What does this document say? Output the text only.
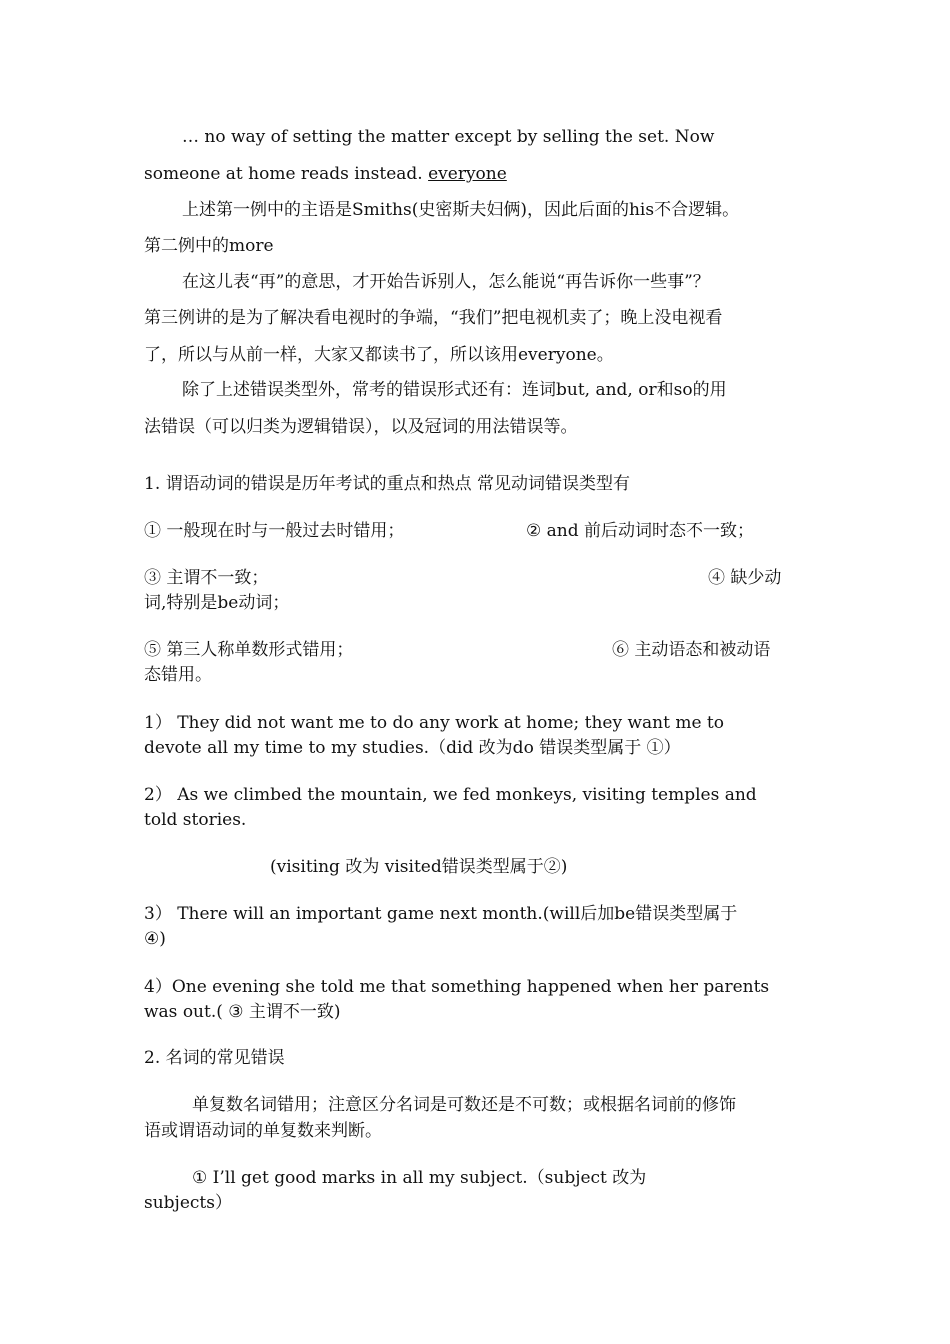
… no way of setting the matter except by selling the set. Now
someone at home reads instead. everyone
上述第一例中的主语是Smiths(史密斯夫妇俩)，因此后面的his不合逻辑。
第二例中的more
在这儿表“再”的意思，才开始告诉别人，怎么能说“再告诉你一些事”？
第三例讲的是为了解决看电视时的争端，“我们”把电视机卖了；晚上没电视看
了，所以与从前一样，大家又都读书了，所以该用everyone。
除了上述错误类型外，常考的错误形式还有：连词but, and, or和so的用
法错误（可以归类为逻辑错误），以及冠词的用法错误等。
1. 谓语动词的错误是历年考试的重点和热点 常见动词错误类型有
① 一般现在时与一般过去时错用；	② and 前后动词时态不一致；
③ 主谓不一致；	④ 缺少动
词,特别是be动词；
⑤ 第三人称单数形式错用；	⑥ 主动语态和被动语
态错用。
1） They did not want me to do any work at home; they want me to
devote all my time to my studies.（did 改为do 错误类型属于 ①）
2） As we climbed the mountain, we fed monkeys, visiting temples and
told stories.
(visiting 改为 visited错误类型属于②)
3） There will an important game next month.(will后加be错误类型属于
④)
4）One evening she told me that something happened when her parents
was out.( ③ 主谓不一致)
2. 名词的常见错误
单复数名词错用；注意区分名词是可数还是不可数；或根据名词前的修饰
语或谓语动词的单复数来判断。
① I’ll get good marks in all my subject.（subject 改为
subjects）
